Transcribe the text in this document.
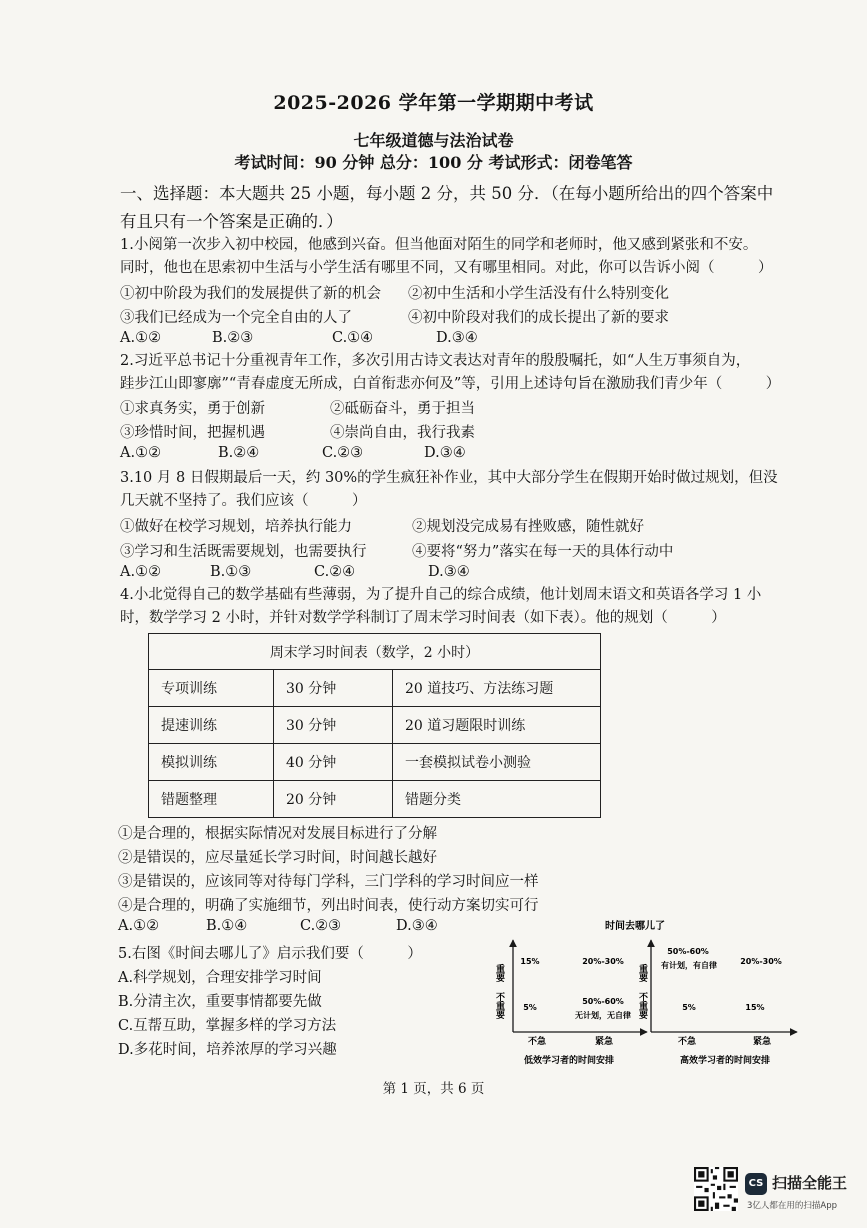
2025-2026 学年第一学期期中考试
七年级道德与法治试卷
考试时间：90 分钟 总分：100 分 考试形式：闭卷笔答
一、选择题：本大题共 25 小题，每小题 2 分，共 50 分．（在每小题所给出的四个答案中
有且只有一个答案是正确的．）
1.小阅第一次步入初中校园，他感到兴奋。但当他面对陌生的同学和老师时，他又感到紧张和不安。
同时，他也在思索初中生活与小学生活有哪里不同，又有哪里相同。对此，你可以告诉小阅（　　　）
①初中阶段为我们的发展提供了新的机会 ②初中生活和小学生活没有什么特别变化
③我们已经成为一个完全自由的人了	④初中阶段对我们的成长提出了新的要求
A.①②	B.②③	C.①④	D.③④
2.习近平总书记十分重视青年工作，多次引用古诗文表达对青年的殷殷嘱托，如“人生万事须自为，
跬步江山即寥廓”“青春虚度无所成，白首衔悲亦何及”等，引用上述诗句旨在激励我们青少年（　　　）
①求真务实，勇于创新	②砥砺奋斗，勇于担当
③珍惜时间，把握机遇	④崇尚自由，我行我素
A.①②	B.②④	C.②③	D.③④
3.10 月 8 日假期最后一天，约 30%的学生疯狂补作业，其中大部分学生在假期开始时做过规划，但没
几天就不坚持了。我们应该（　　　）
①做好在校学习规划，培养执行能力	②规划没完成易有挫败感，随性就好
③学习和生活既需要规划，也需要执行	④要将“努力”落实在每一天的具体行动中
A.①②	B.①③	C.②④	D.③④
4.小北觉得自己的数学基础有些薄弱，为了提升自己的综合成绩，他计划周末语文和英语各学习 1 小
时，数学学习 2 小时，并针对数学学科制订了周末学习时间表（如下表）。他的规划（　　　）
周末学习时间表（数学，2 小时）		
专项训练	30 分钟	20 道技巧、方法练习题
提速训练	30 分钟	20 道习题限时训练
模拟训练	40 分钟	一套模拟试卷小测验
错题整理	20 分钟	错题分类
①是合理的，根据实际情况对发展目标进行了分解
②是错误的，应尽量延长学习时间，时间越长越好
③是错误的，应该同等对待每门学科，三门学科的学习时间应一样
④是合理的，明确了实施细节，列出时间表，使行动方案切实可行
A.①②	B.①④	C.②③	D.③④
5.右图《时间去哪儿了》启示我们要（　　　）
A.科学规划，合理安排学习时间
B.分清主次，重要事情都要先做
C.互帮互助，掌握多样的学习方法
D.多花时间，培养浓厚的学习兴趣
时间去哪儿了
重要
不重要
不急	紧急
15%	20%-30%
5%
50%-60%
无计划，无自律
低效学习者的时间安排
重要
不重要
不急	紧急
50%-60%
有计划，有自律	20%-30%
5%	15%
高效学习者的时间安排
第 1 页，共 6 页
CS 扫描全能王
3亿人都在用的扫描App
